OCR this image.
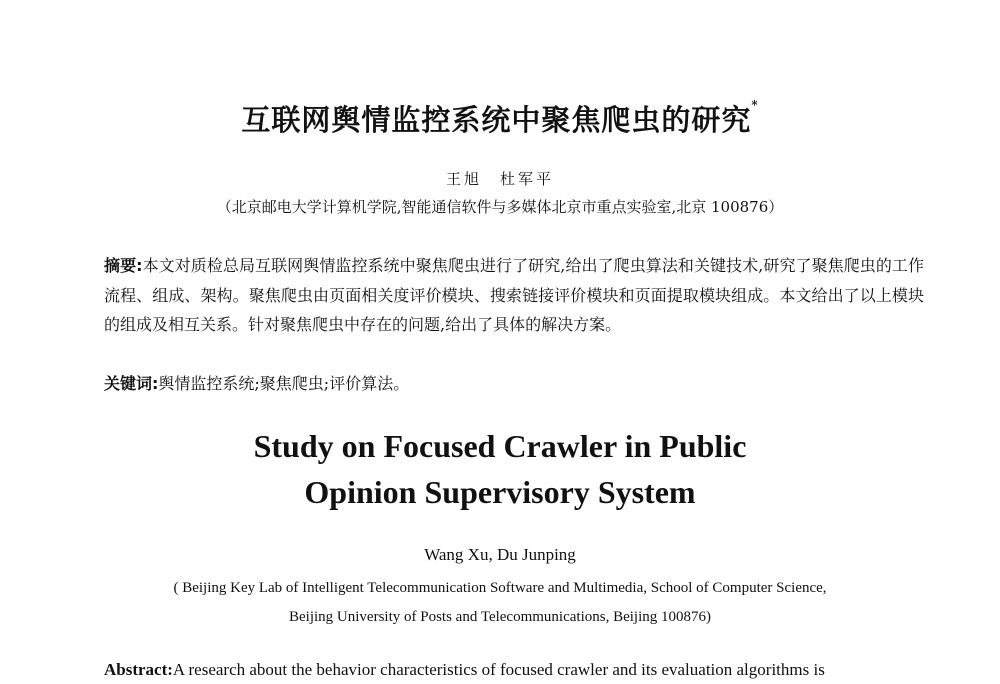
互联网舆情监控系统中聚焦爬虫的研究*
王旭　杜军平
（北京邮电大学计算机学院,智能通信软件与多媒体北京市重点实验室,北京 100876）
摘要:本文对质检总局互联网舆情监控系统中聚焦爬虫进行了研究,给出了爬虫算法和关键技术,研究了聚焦爬虫的工作流程、组成、架构。聚焦爬虫由页面相关度评价模块、搜索链接评价模块和页面提取模块组成。本文给出了以上模块的组成及相互关系。针对聚焦爬虫中存在的问题,给出了具体的解决方案。
关键词:舆情监控系统;聚焦爬虫;评价算法。
Study on Focused Crawler in Public
Opinion Supervisory System
Wang Xu, Du Junping
( Beijing Key Lab of Intelligent Telecommunication Software and Multimedia, School of Computer Science,
Beijing University of Posts and Telecommunications, Beijing 100876)
Abstract:A research about the behavior characteristics of focused crawler and its evaluation algorithms is
